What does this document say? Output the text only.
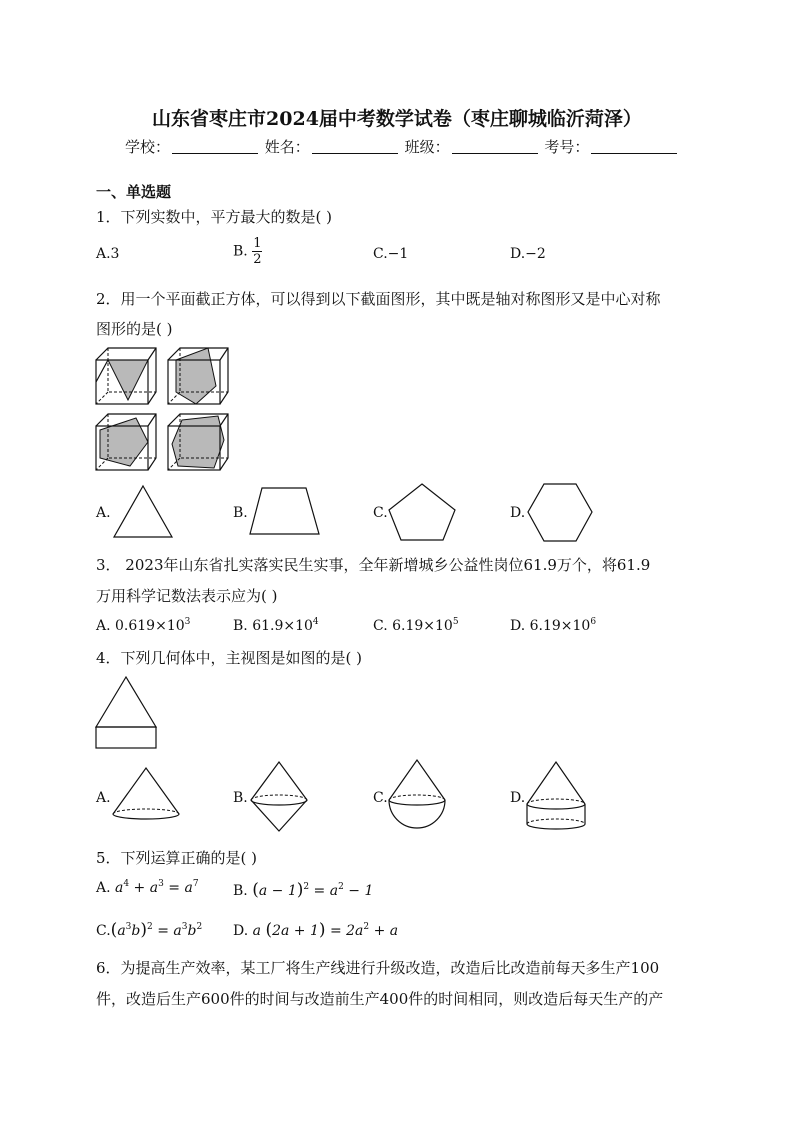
山东省枣庄市2024届中考数学试卷（枣庄聊城临沂菏泽）
学校：	姓名：	班级：	考号：
一、单选题
1．下列实数中，平方最大的数是( )
A.3	B. $\frac{1}{2}$	C.−1	D.−2
2．用一个平面截正方体，可以得到以下截面图形，其中既是轴对称图形又是中心对称
图形的是( )
A.	B.	C.	D.
3． 2023年山东省扎实落实民生实事，全年新增城乡公益性岗位61.9万个，将61.9
万用科学记数法表示应为( )
A. $0.619\times 10^3$	B. $61.9\times 10^4$	C. $6.19\times 10^5$	D. $6.19\times 10^6$
4．下列几何体中，主视图是如图的是( )
A.	B.	C.	D.
5．下列运算正确的是( )
A. $a^4 + a^3 = a^7$ B. $(a - 1)^2 = a^2 - 1$
$C.(a^3b)^2 = a^3b^2$ D. a $(2a + 1) = 2a^2 + a$
6．为提高生产效率，某工厂将生产线进行升级改造，改造后比改造前每天多生产100
件，改造后生产600件的时间与改造前生产400件的时间相同，则改造后每天生产的产
